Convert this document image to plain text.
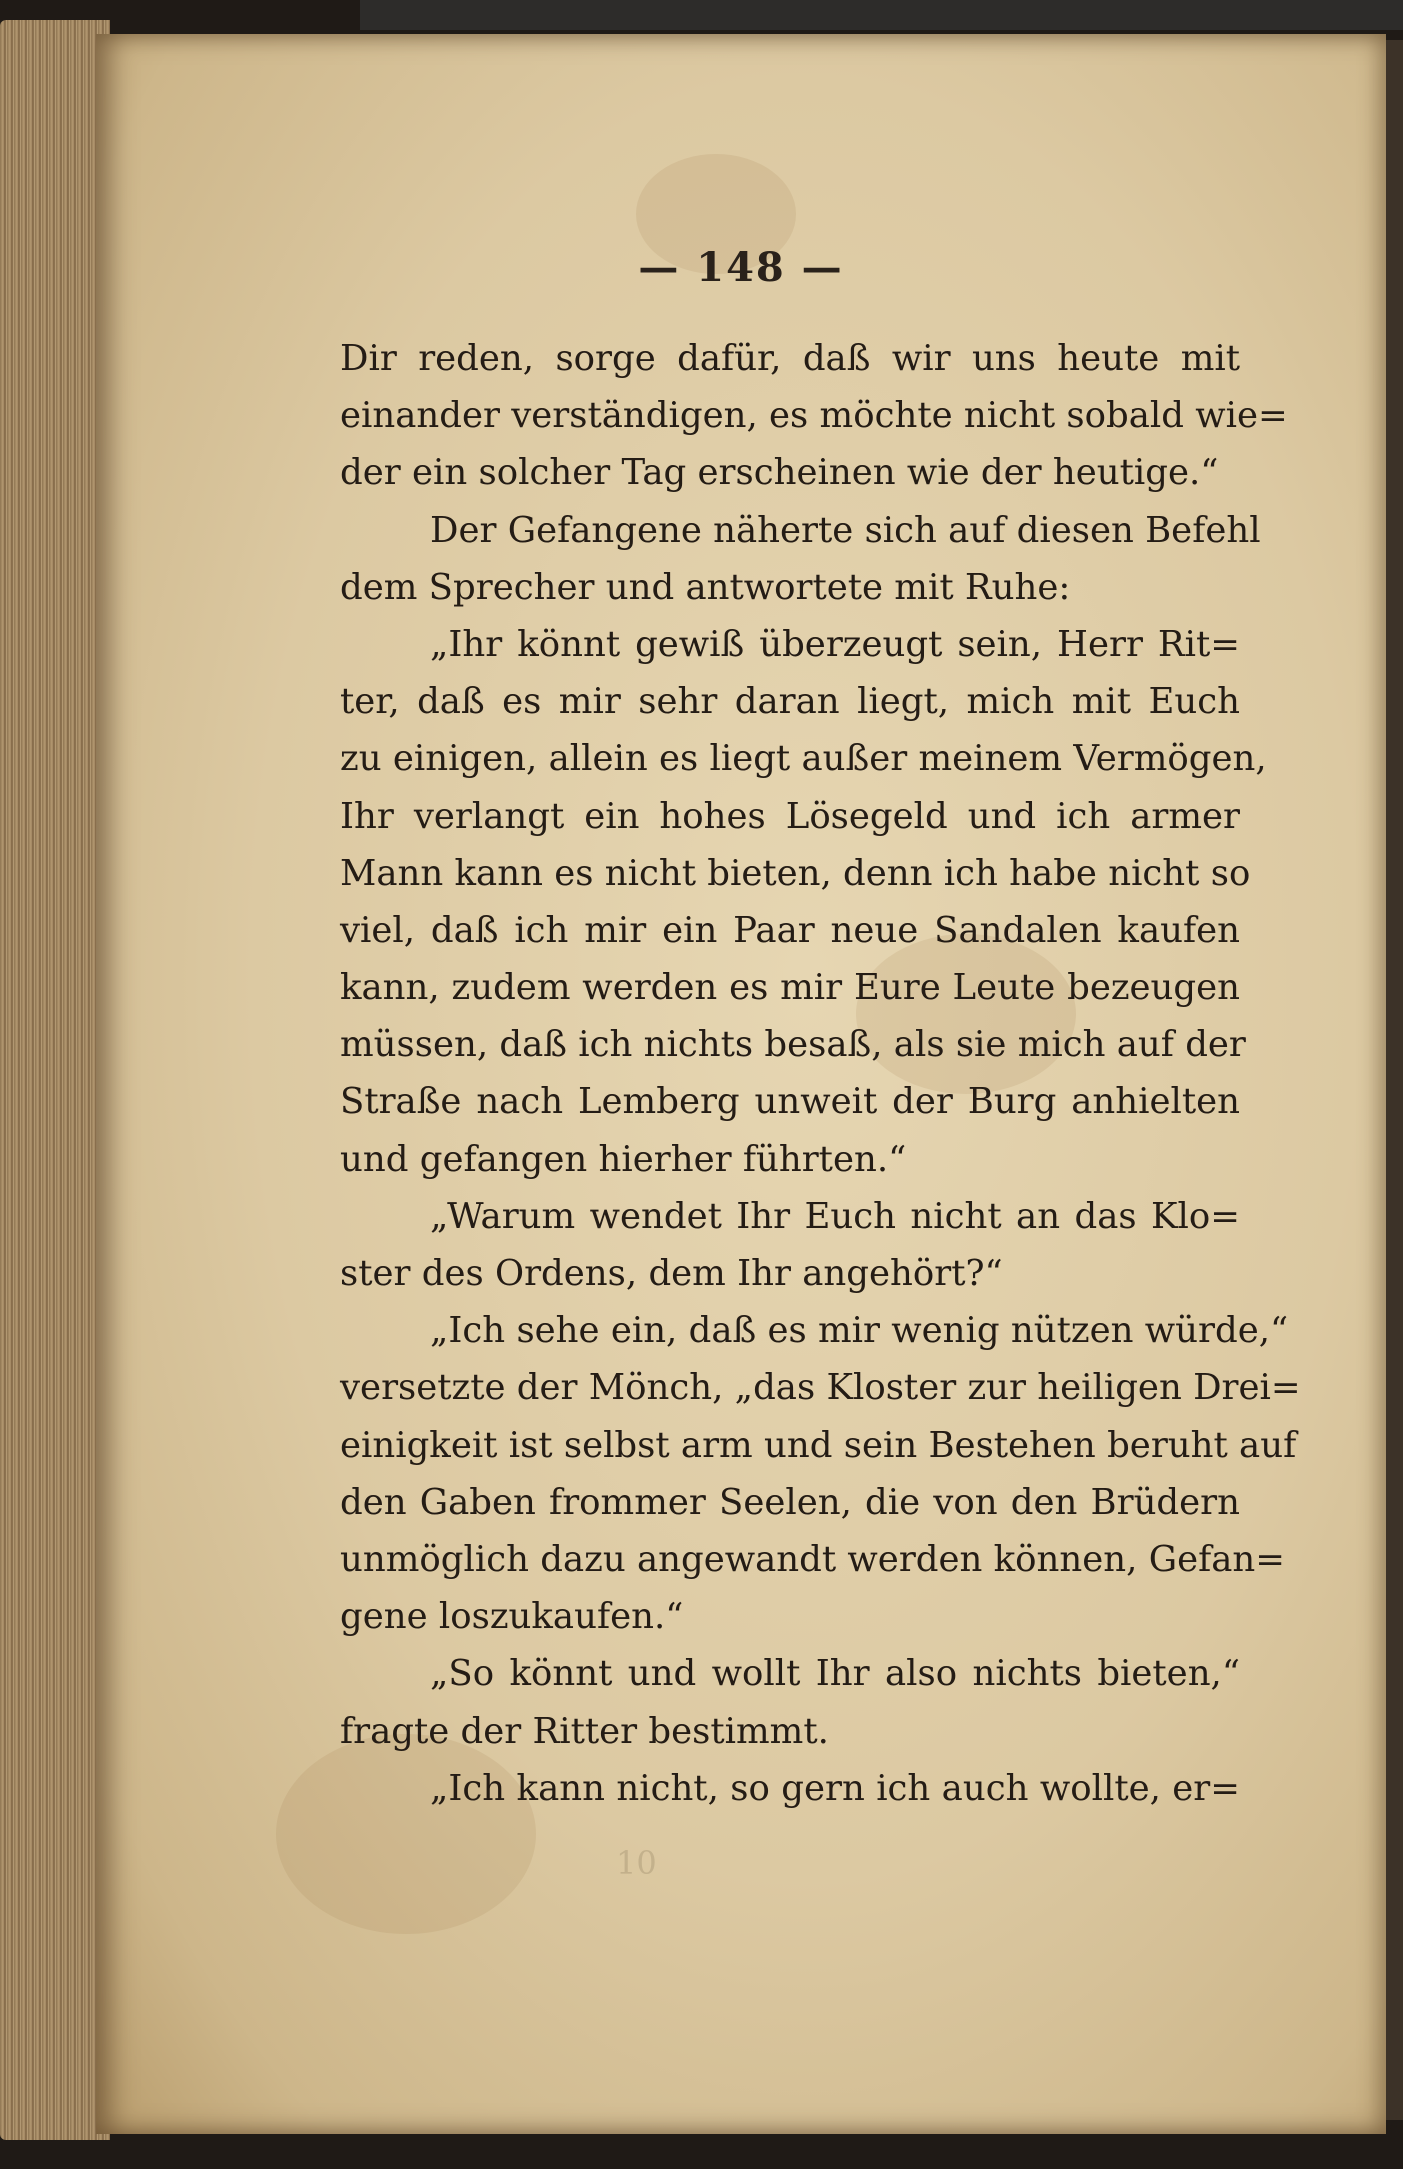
— 148 —
10
Dir reden, sorge dafür, daß wir uns heute mit
einander verständigen, es möchte nicht sobald wie=
der ein solcher Tag erscheinen wie der heutige.“
Der Gefangene näherte sich auf diesen Befehl
dem Sprecher und antwortete mit Ruhe:
„Ihr könnt gewiß überzeugt sein, Herr Rit=
ter, daß es mir sehr daran liegt, mich mit Euch
zu einigen, allein es liegt außer meinem Vermögen,
Ihr verlangt ein hohes Lösegeld und ich armer
Mann kann es nicht bieten, denn ich habe nicht so
viel, daß ich mir ein Paar neue Sandalen kaufen
kann, zudem werden es mir Eure Leute bezeugen
müssen, daß ich nichts besaß, als sie mich auf der
Straße nach Lemberg unweit der Burg anhielten
und gefangen hierher führten.“
„Warum wendet Ihr Euch nicht an das Klo=
ster des Ordens, dem Ihr angehört?“
„Ich sehe ein, daß es mir wenig nützen würde,“
versetzte der Mönch, „das Kloster zur heiligen Drei=
einigkeit ist selbst arm und sein Bestehen beruht auf
den Gaben frommer Seelen, die von den Brüdern
unmöglich dazu angewandt werden können, Gefan=
gene loszukaufen.“
„So könnt und wollt Ihr also nichts bieten,“
fragte der Ritter bestimmt.
„Ich kann nicht, so gern ich auch wollte, er=
